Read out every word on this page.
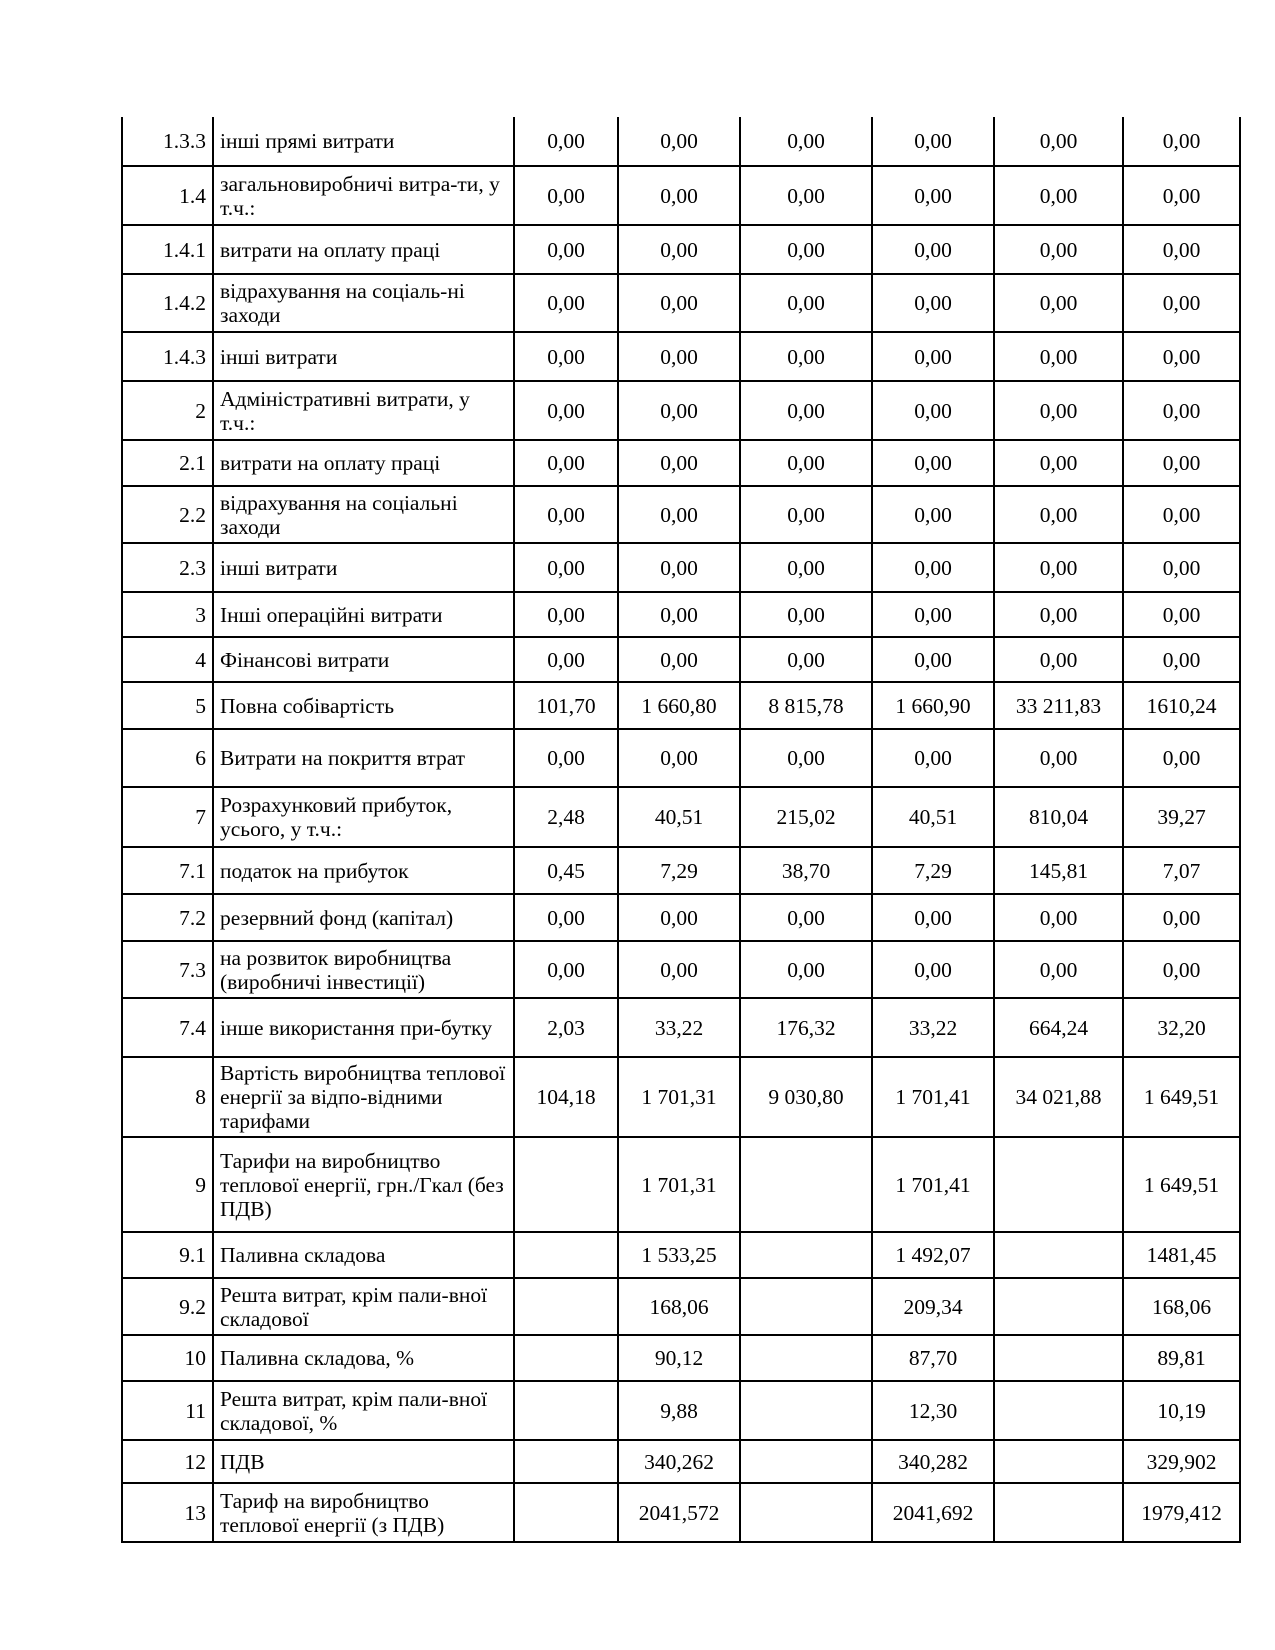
1.3.3	інші прямі витрати	0,00	0,00	0,00	0,00	0,00	0,00
1.4	загальновиробничі витра-ти, у т.ч.:	0,00	0,00	0,00	0,00	0,00	0,00
1.4.1	витрати на оплату праці	0,00	0,00	0,00	0,00	0,00	0,00
1.4.2	відрахування на соціаль-ні заходи	0,00	0,00	0,00	0,00	0,00	0,00
1.4.3	інші витрати	0,00	0,00	0,00	0,00	0,00	0,00
2	Адміністративні витрати, у т.ч.:	0,00	0,00	0,00	0,00	0,00	0,00
2.1	витрати на оплату праці	0,00	0,00	0,00	0,00	0,00	0,00
2.2	відрахування на соціальні заходи	0,00	0,00	0,00	0,00	0,00	0,00
2.3	інші витрати	0,00	0,00	0,00	0,00	0,00	0,00
3	Інші операційні витрати	0,00	0,00	0,00	0,00	0,00	0,00
4	Фінансові витрати	0,00	0,00	0,00	0,00	0,00	0,00
5	Повна собівартість	101,70	1 660,80	8 815,78	1 660,90	33 211,83	1610,24
6	Витрати на покриття втрат	0,00	0,00	0,00	0,00	0,00	0,00
7	Розрахунковий прибуток, усього, у т.ч.:	2,48	40,51	215,02	40,51	810,04	39,27
7.1	податок на прибуток	0,45	7,29	38,70	7,29	145,81	7,07
7.2	резервний фонд (капітал)	0,00	0,00	0,00	0,00	0,00	0,00
7.3	на розвиток виробництва (виробничі інвестиції)	0,00	0,00	0,00	0,00	0,00	0,00
7.4	інше використання при-бутку	2,03	33,22	176,32	33,22	664,24	32,20
8	Вартість виробництва теплової енергії за відпо-відними тарифами	104,18	1 701,31	9 030,80	1 701,41	34 021,88	1 649,51
9	Тарифи на виробництво теплової енергії, грн./Гкал (без ПДВ)		1 701,31		1 701,41		1 649,51
9.1	Паливна складова		1 533,25		1 492,07		1481,45
9.2	Решта витрат, крім пали-вної складової		168,06		209,34		168,06
10	Паливна складова, %		90,12		87,70		89,81
11	Решта витрат, крім пали-вної складової, %		9,88		12,30		10,19
12	ПДВ		340,262		340,282		329,902
13	Тариф на виробництво теплової енергії (з ПДВ)		2041,572		2041,692		1979,412
